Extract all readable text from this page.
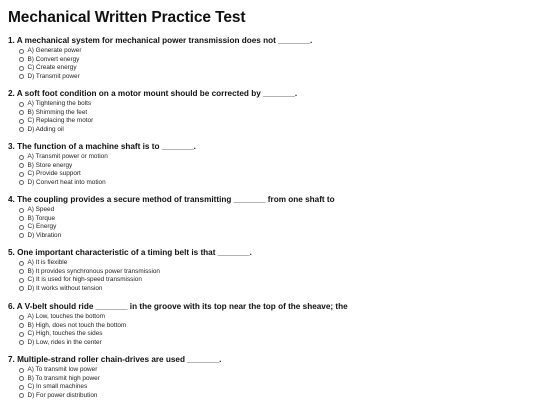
Mechanical Written Practice Test
1. A mechanical system for mechanical power transmission does not _______.
A) Generate power
B) Convert energy
C) Create energy
D) Transmit power
2. A soft foot condition on a motor mount should be corrected by _______.
A) Tightening the bolts
B) Shimming the feet
C) Replacing the motor
D) Adding oil
3. The function of a machine shaft is to _______.
A) Transmit power or motion
B) Store energy
C) Provide support
D) Convert heat into motion
4. The coupling provides a secure method of transmitting _______ from one shaft to
A) Speed
B) Torque
C) Energy
D) Vibration
5. One important characteristic of a timing belt is that _______.
A) It is flexible
B) It provides synchronous power transmission
C) It is used for high-speed transmission
D) It works without tension
6. A V-belt should ride _______ in the groove with its top near the top of the sheave; the
A) Low, touches the bottom
B) High, does not touch the bottom
C) High, touches the sides
D) Low, rides in the center
7. Multiple-strand roller chain-drives are used _______.
A) To transmit low power
B) To transmit high power
C) In small machines
D) For power distribution
